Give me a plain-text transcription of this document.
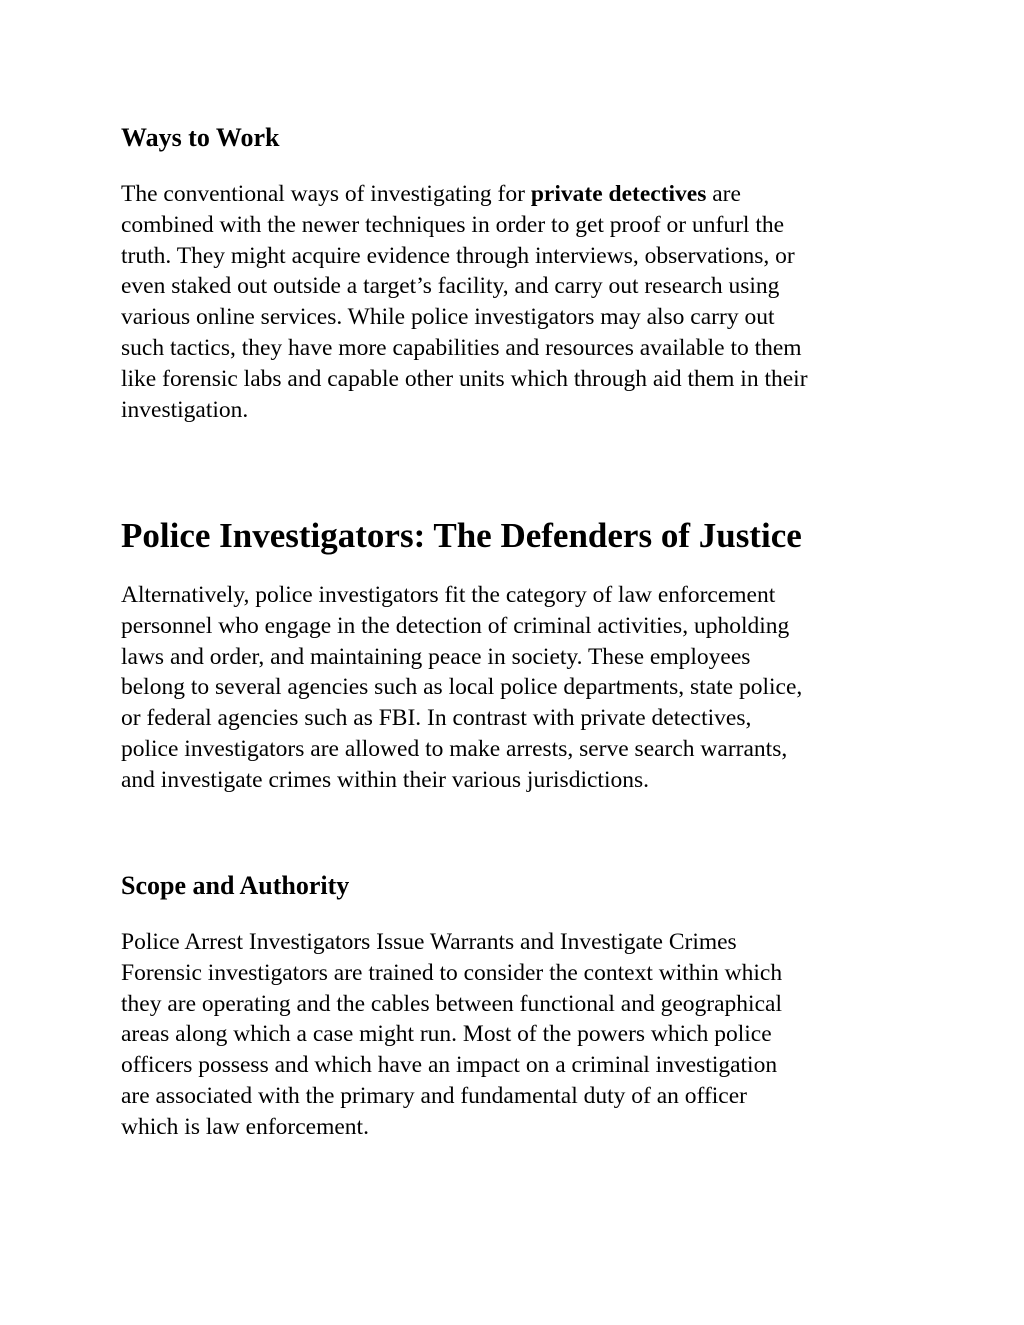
Ways to Work
The conventional ways of investigating for private detectives are
combined with the newer techniques in order to get proof or unfurl the
truth. They might acquire evidence through interviews, observations, or
even staked out outside a target’s facility, and carry out research using
various online services. While police investigators may also carry out
such tactics, they have more capabilities and resources available to them
like forensic labs and capable other units which through aid them in their
investigation.
Police Investigators: The Defenders of Justice
Alternatively, police investigators fit the category of law enforcement
personnel who engage in the detection of criminal activities, upholding
laws and order, and maintaining peace in society. These employees
belong to several agencies such as local police departments, state police,
or federal agencies such as FBI. In contrast with private detectives,
police investigators are allowed to make arrests, serve search warrants,
and investigate crimes within their various jurisdictions.
Scope and Authority
Police Arrest Investigators Issue Warrants and Investigate Crimes
Forensic investigators are trained to consider the context within which
they are operating and the cables between functional and geographical
areas along which a case might run. Most of the powers which police
officers possess and which have an impact on a criminal investigation
are associated with the primary and fundamental duty of an officer
which is law enforcement.
